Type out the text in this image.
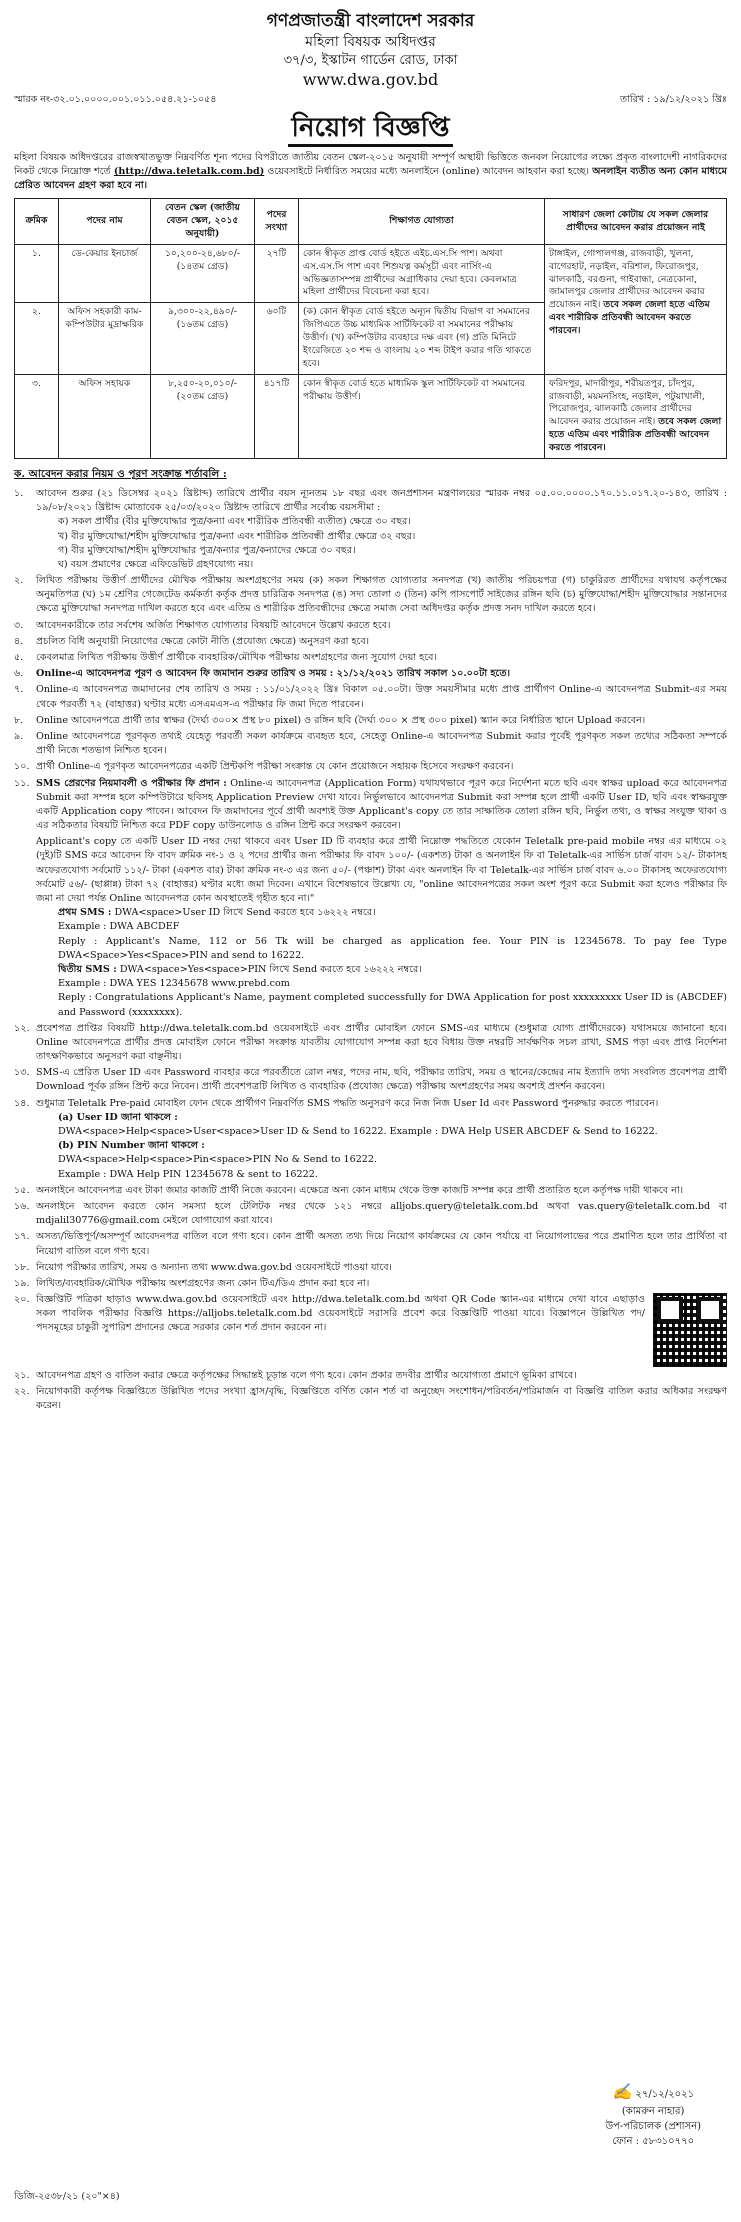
গণপ্রজাতন্ত্রী বাংলাদেশ সরকার
মহিলা বিষয়ক অধিদপ্তর
৩৭/৩, ইস্কাটন গার্ডেন রোড, ঢাকা
www.dwa.gov.bd
স্মারক নং-৩২.০১.০০০০.০০১.০১১.০৫৪.২১-১০৫৪	তারিখ : ১৯/১২/২০২১ খ্রিঃ
নিয়োগ বিজ্ঞপ্তি
মহিলা বিষয়ক অধিদপ্তরের রাজস্বখাতভুক্ত নিম্নবর্ণিত শূন্য পদের বিপরীতে জাতীয় বেতন স্কেল-২০১৫ অনুযায়ী সম্পূর্ণ অস্থায়ী ভিত্তিতে জনবল নিয়োগের লক্ষ্যে প্রকৃত বাংলাদেশী নাগরিকদের নিকট থেকে নিম্নোক্ত শর্তে (http://dwa.teletalk.com.bd) ওয়েবসাইটে নির্ধারিত সময়ের মধ্যে অনলাইনে (online) আবেদন আহবান করা হচ্ছে। অনলাইন ব্যতীত অন্য কোন মাধ্যমে প্রেরিত আবেদন গ্রহণ করা হবে না।
ক্রমিক	পদের নাম	বেতন স্কেল (জাতীয় বেতন স্কেল, ২০১৫ অনুযায়ী)	পদের সংখ্যা	শিক্ষাগত যোগ্যতা	সাধারণ জেলা কোটায় যে সকল জেলার প্রার্থীদের আবেদন করার প্রয়োজন নাই
১.	ডে-কেয়ার ইনচার্জ	১০,২০০-২৪,৬৮০/- (১৪তম গ্রেড)	২৭টি	কোন স্বীকৃত প্রাপ্ত বোর্ড হইতে এইচ.এস.সি পাশ। অথবা এস.এস.সি পাশ এবং শিশুযত্ন কর্মসূচী এবং নার্সিং-এ অভিজ্ঞতাসম্পন্ন প্রার্থীদের অগ্রাধিকার দেয়া হবে। কেবলমাত্র মহিলা প্রার্থীদের বিবেচনা করা হবে।	টাঙ্গাইল, গোপালগঞ্জ, রাজবাড়ী, খুলনা, বাগেরহাট, নড়াইল, বরিশাল, ফিরোজপুর, ঝালকাঠি, বরগুনা, গাইবান্ধা, নেত্রকোনা, জামালপুর জেলার প্রার্থীদের আবেদন করার প্রয়োজন নাই। তবে সকল জেলা হতে এতিম এবং শারীরিক প্রতিবন্ধী আবেদন করতে পারবেন।
২.	অফিস সহকারী কাম-কম্পিউটার মুদ্রাক্ষরিক	৯,৩০০-২২,৪৯০/- (১৬তম গ্রেড)	৬০টি	(ক) কোন স্বীকৃত বোর্ড হইতে অন্যূন দ্বিতীয় বিভাগ বা সমমানের জিপিএতে উচ্চ মাধ্যমিক সার্টিফিকেট বা সমমানের পরীক্ষায় উত্তীর্ণ। (খ) কম্পিউটার ব্যবহারে দক্ষ এবং (গ) প্রতি মিনিটে ইংরেজিতে ২০ শব্দ ও বাংলায় ২০ শব্দ টাইপ করার গতি থাকতে হবে।	
৩.	অফিস সহায়ক	৮,২৫০-২০,০১০/- (২০তম গ্রেড)	৪১৭টি	কোন স্বীকৃত বোর্ড হতে মাধ্যমিক স্কুল সার্টিফিকেট বা সমমানের পরীক্ষায় উত্তীর্ণ।	ফরিদপুর, মাদারীপুর, শরীয়তপুর, চাঁদপুর, রাজবাড়ী, ময়মনসিংহ, নড়াইল, পটুয়াখালী, পিরোজপুর, ঝালকাঠি জেলার প্রার্থীদের আবেদন করার প্রয়োজন নাই। তবে সকল জেলা হতে এতিম এবং শারীরিক প্রতিবন্ধী আবেদন করতে পারবেন।
ক. আবেদন করার নিয়ম ও পূরণ সংক্রান্ত শর্তাবলি :
১.	আবেদন শুরুর (২১ ডিসেম্বর ২০২১ খ্রিষ্টাব্দ) তারিখে প্রার্থীর বয়স ন্যূনতম ১৮ বছর এবং জনপ্রশাসন মন্ত্রণালয়ের স্মারক নম্বর ০৫.০০.০০০০.১৭০.১১.০১৭.২০-১৪৩, তারিখ : ১৯/০৮/২০২১ খ্রিষ্টাব্দ মোতাবেক ২৫/০৩/২০২০ খ্রিষ্টাব্দ তারিখে প্রার্থীর সর্বোচ্চ বয়সসীমা :
ক) সকল প্রার্থীর (বীর মুক্তিযোদ্ধার পুত্র/কন্যা এবং শারীরিক প্রতিবন্ধী ব্যতীত) ক্ষেত্রে ৩০ বছর।
খ) বীর মুক্তিযোদ্ধা/শহীদ মুক্তিযোদ্ধার পুত্র/কন্যা এবং শারীরিক প্রতিবন্ধী প্রার্থীর ক্ষেত্রে ৩২ বছর।
গ) বীর মুক্তিযোদ্ধা/শহীদ মুক্তিযোদ্ধার পুত্র/কন্যার পুত্র/কন্যাদের ক্ষেত্রে ৩০ বছর।
ঘ) বয়স প্রমাণের ক্ষেত্রে এফিডেভিট গ্রহণযোগ্য নয়।
২.	লিখিত পরীক্ষায় উত্তীর্ণ প্রার্থীদের মৌখিক পরীক্ষায় অংশগ্রহণের সময় (ক) সকল শিক্ষাগত যোগ্যতার সনদপত্র (খ) জাতীয় পরিচয়পত্র (গ) চাকুরিরত প্রার্থীদের যথাযথ কর্তৃপক্ষের অনুমতিপত্র (ঘ) ১ম শ্রেণির গেজেটেড কর্মকর্তা কর্তৃক প্রদত্ত চারিত্রিক সনদপত্র (ঙ) সদ্য তোলা ৩ (তিন) কপি পাসপোর্ট সাইজের রঙ্গিন ছবি (চ) মুক্তিযোদ্ধা/শহীদ মুক্তিযোদ্ধার সন্তানদের ক্ষেত্রে মুক্তিযোদ্ধা সনদপত্র দাখিল করতে হবে এবং এতিম ও শারীরিক প্রতিবন্ধীদের ক্ষেত্রে সমাজ সেবা অধিদপ্তর কর্তৃক প্রদত্ত সনদ দাখিল করতে হবে।
৩.	আবেদনকারীকে তার সর্বশেষ অর্জিত শিক্ষাগত যোগ্যতার বিষয়টি আবেদনে উল্লেখ করতে হবে।
৪.	প্রচলিত বিধি অনুযায়ী নিয়োগের ক্ষেত্রে কোটা নীতি (প্রযোজ্য ক্ষেত্রে) অনুসরণ করা হবে।
৫.	কেবলমাত্র লিখিত পরীক্ষায় উত্তীর্ণ প্রার্থীকে ব্যবহারিক/মৌখিক পরীক্ষায় অংশগ্রহণের জন্য সুযোগ দেয়া হবে।
৬.	Online-এ আবেদনপত্র পূরণ ও আবেদন ফি জমাদান শুরুর তারিখ ও সময় : ২১/১২/২০২১ তারিখ সকাল ১০.০০টা হতে।
৭.	Online-এ আবেদনপত্র জমাদানের শেষ তারিখ ও সময় : ১১/০১/২০২২ খ্রিঃ বিকাল ০৫.০০টা। উক্ত সময়সীমার মধ্যে প্রাপ্ত প্রার্থীগণ Online-এ আবেদনপত্র Submit-এর সময় থেকে পরবর্তী ৭২ (বাহাত্তর) ঘণ্টার মধ্যে এসএমএস-এ পরীক্ষার ফি জমা দিতে পারবেন।
৮.	Online আবেদনপত্রে প্রার্থী তার স্বাক্ষর (দৈর্ঘ্য ৩০০× প্রস্থ ৮০ pixel) ও রঙ্গিন ছবি (দৈর্ঘ্য ৩০০ × প্রস্থ ৩০০ pixel) স্ক্যান করে নির্ধারিত স্থানে Upload করবেন।
৯.	Online আবেদনপত্রে পূরণকৃত তথ্যই যেহেতু পরবর্তী সকল কার্যক্রমে ব্যবহৃত হবে, সেহেতু Online-এ আবেদনপত্র Submit করার পূর্বেই পূরণকৃত সকল তথ্যের সঠিকতা সম্পর্কে প্রার্থী নিজে শতভাগ নিশ্চিত হবেন।
১০. প্রার্থী Online-এ পূরণকৃত আবেদনপত্রের একটি প্রিন্টকপি পরীক্ষা সংক্রান্ত যে কোন প্রয়োজনে সহায়ক হিসেবে সংরক্ষণ করবেন।
১১. SMS প্রেরণের নিয়মাবলী ও পরীক্ষার ফি প্রদান : Online-এ আবেদনপত্র (Application Form) যথাযথভাবে পূরণ করে নির্দেশনা মতে ছবি এবং স্বাক্ষর upload করে আবেদনপত্র Submit করা সম্পন্ন হলে কম্পিউটারে ছবিসহ Application Preview দেখা যাবে। নির্ভুলভাবে আবেদনপত্র Submit করা সম্পন্ন হলে প্রার্থী একটি User ID, ছবি এবং স্বাক্ষরযুক্ত একটি Application copy পাবেন। আবেদন ফি জমাদানের পূর্বে প্রার্থী অবশ্যই উক্ত Applicant's copy তে তার সাক্ষাতিক তোলা রঙ্গিন ছবি, নির্ভুল তথ্য, ও স্বাক্ষর সংযুক্ত থাকা ও এর সঠিকতার বিষয়টি নিশ্চিত করে PDF copy ডাউনলোড ও রঙ্গিন প্রিন্ট করে সংরক্ষণ করবেন।
Applicant's copy তে একটি User ID নম্বর দেয়া থাকবে এবং User ID টি ব্যবহার করে প্রার্থী নিম্নোক্ত পদ্ধতিতে যেকোন Teletalk pre-paid mobile নম্বর এর মাধ্যমে ০২ (দুই)টি SMS করে আবেদন ফি বাবদ ক্রমিক নং-১ ও ২ পদের প্রার্থীর জন্য পরীক্ষার ফি বাবদ ১০০/- (একশত) টাকা ও অনলাইন ফি বা Teletalk-এর সার্ভিস চার্জ বাবদ ১২/- টাকাসহ অফেরতযোগ্য সর্বমোট ১১২/- টাকা (একশত বার) টাকা ক্রমিক নং-৩ এর জন্য ৫০/- (পঞ্চাশ) টাকা এবং অনলাইন ফি বা Teletalk-এর সার্ভিস চার্জ বাবদ ৬.০০ টাকাসহ অফেরতযোগ্য সর্বমোট ৫৬/- (ছাপ্পান্ন) টাকা ৭২ (বাহাত্তর) ঘণ্টার মধ্যে জমা দিবেন। এখানে বিশেষভাবে উল্লেখ্য যে, "online আবেদনপত্রের সকল অংশ পূরণ করে Submit করা হলেও পরীক্ষার ফি জমা না দেয়া পর্যন্ত Online আবেদনপত্র কোন অবস্থাতেই গৃহীত হবে না।"
প্রথম SMS : DWA<space>User ID লিখে Send করতে হবে ১৬২২২ নম্বরে।
Example : DWA ABCDEF
Reply : Applicant's Name, 112 or 56 Tk will be charged as application fee. Your PIN is 12345678. To pay fee Type DWA<Space>Yes<Space>PIN and send to 16222.
দ্বিতীয় SMS : DWA<space>Yes<space>PIN লিখে Send করতে হবে ১৬২২২ নম্বরে।
Example : DWA YES 12345678 www.prebd.com
Reply : Congratulations Applicant's Name, payment completed successfully for DWA Application for post xxxxxxxxx User ID is (ABCDEF) and Password (xxxxxxxx).
১২. প্রবেশপত্র প্রাপ্তির বিষয়টি http://dwa.teletalk.com.bd ওয়েবসাইটে এবং প্রার্থীর মোবাইল ফোনে SMS-এর মাধ্যমে (শুধুমাত্র যোগ্য প্রার্থীদেরকে) যথাসময়ে জানানো হবে। Online আবেদনপত্রে প্রার্থীর প্রদত্ত মোবাইল ফোনে পরীক্ষা সংক্রান্ত যাবতীয় যোগাযোগ সম্পন্ন করা হবে বিধায় উক্ত নম্বরটি সার্বক্ষণিক সচল রাখা, SMS পড়া এবং প্রাপ্ত নির্দেশনা তাৎক্ষণিকভাবে অনুসরণ করা বাঞ্ছনীয়।
১৩. SMS-এ প্রেরিত User ID এবং Password ব্যবহার করে পরবর্তীতে রোল নম্বর, পদের নাম, ছবি, পরীক্ষার তারিখ, সময় ও স্থানের/কেন্দ্রের নাম ইত্যাদি তথ্য সংবলিত প্রবেশপত্র প্রার্থী Download পূর্বক রঙ্গিন প্রিন্ট করে নিবেন। প্রার্থী প্রবেশপত্রটি লিখিত ও ব্যবহারিক (প্রযোজ্য ক্ষেত্রে) পরীক্ষায় অংশগ্রহণের সময় অবশ্যই প্রদর্শন করবেন।
১৪. শুধুমাত্র Teletalk Pre-paid মোবাইল ফোন থেকে প্রার্থীগণ নিম্নবর্ণিত SMS পদ্ধতি অনুসরণ করে নিজ নিজ User Id এবং Password পুনরুদ্ধার করতে পারবেন।
(a) User ID জানা থাকলে :
DWA<space>Help<space>User<space>User ID & Send to 16222. Example : DWA Help USER ABCDEF & Send to 16222.
(b) PIN Number জানা থাকলে :
DWA<space>Help<space>Pin<space>PIN No & Send to 16222.
Example : DWA Help PIN 12345678 & sent to 16222.
১৫. অনলাইনে আবেদনপত্র এবং টাকা জমার কাজটি প্রার্থী নিজে করবেন। এক্ষেত্রে অন্য কোন মাধ্যম থেকে উক্ত কাজটি সম্পন্ন করে প্রার্থী প্রতারিত হলে কর্তৃপক্ষ দায়ী থাকবে না।
১৬. অনলাইনে আবেদন করতে কোন সমস্যা হলে টেলিটক নম্বর থেকে ১২১ নম্বরে alljobs.query@teletalk.com.bd অথবা vas.query@teletalk.com.bd বা mdjalil30776@gmail.com মেইলে যোগাযোগ করা যাবে।
১৭. অসত্য/ভিত্তিপূর্ণ/অসম্পূর্ণ আবেদনপত্র বাতিল বলে গণ্য হবে। কোন প্রার্থী অসত্য তথ্য দিয়ে নিয়োগ কার্যক্রমের যে কোন পর্যায়ে বা নিয়োগলাভের পরে প্রমাণিত হলে তার প্রার্থিতা বা নিয়োগ বাতিল বলে গণ্য হবে।
১৮. নিয়োগ পরীক্ষার তারিখ, সময় ও অন্যান্য তথ্য www.dwa.gov.bd ওয়েবসাইটে পাওয়া যাবে।
১৯. লিখিত/ব্যবহারিক/মৌখিক পরীক্ষায় অংশগ্রহণের জন্য কোন টিএ/ডিএ প্রদান করা হবে না।
২০. বিজ্ঞপ্তিটি পত্রিকা ছাড়াও www.dwa.gov.bd ওয়েবসাইটে এবং http://dwa.teletalk.com.bd অথবা QR Code স্ক্যান-এর মাধ্যমে দেখা যাবে এছাড়াও সকল পাবলিক পরীক্ষার বিজ্ঞপ্তি https://alljobs.teletalk.com.bd ওয়েবসাইটে সরাসরি প্রবেশ করে বিজ্ঞপ্তিটি পাওয়া যাবে। বিজ্ঞাপনে উল্লিখিত পদ/পদসমূহের চাকুরী সুপারিশ প্রদানের ক্ষেত্রে সরকার কোন শর্ত প্রদান করবেন না।
২১. আবেদনপত্র গ্রহণ ও বাতিল করার ক্ষেত্রে কর্তৃপক্ষের সিদ্ধান্তই চূড়ান্ত বলে গণ্য হবে। কোন প্রকার তদবীর প্রার্থীর অযোগ্যতা প্রমাণে ভূমিকা রাখবে।
২২. নিয়োগকারী কর্তৃপক্ষ বিজ্ঞপ্তিতে উল্লিখিত পদের সংখ্যা হ্রাস/বৃদ্ধি, বিজ্ঞপ্তিতে বর্ণিত কোন শর্ত বা অনুচ্ছেদ সংশোধন/পরিবর্তন/পরিমার্জন বা বিজ্ঞপ্তি বাতিল করার অধিকার সংরক্ষণ করেন।
✍ ২৭/১২/২০২১
(কামরুন নাহার)
উপ-পরিচালক (প্রশাসন)
ফোন : ৫৮৩১০৭৭০
ডিজি-২৫৩৮/২১ (২০"×৪)
